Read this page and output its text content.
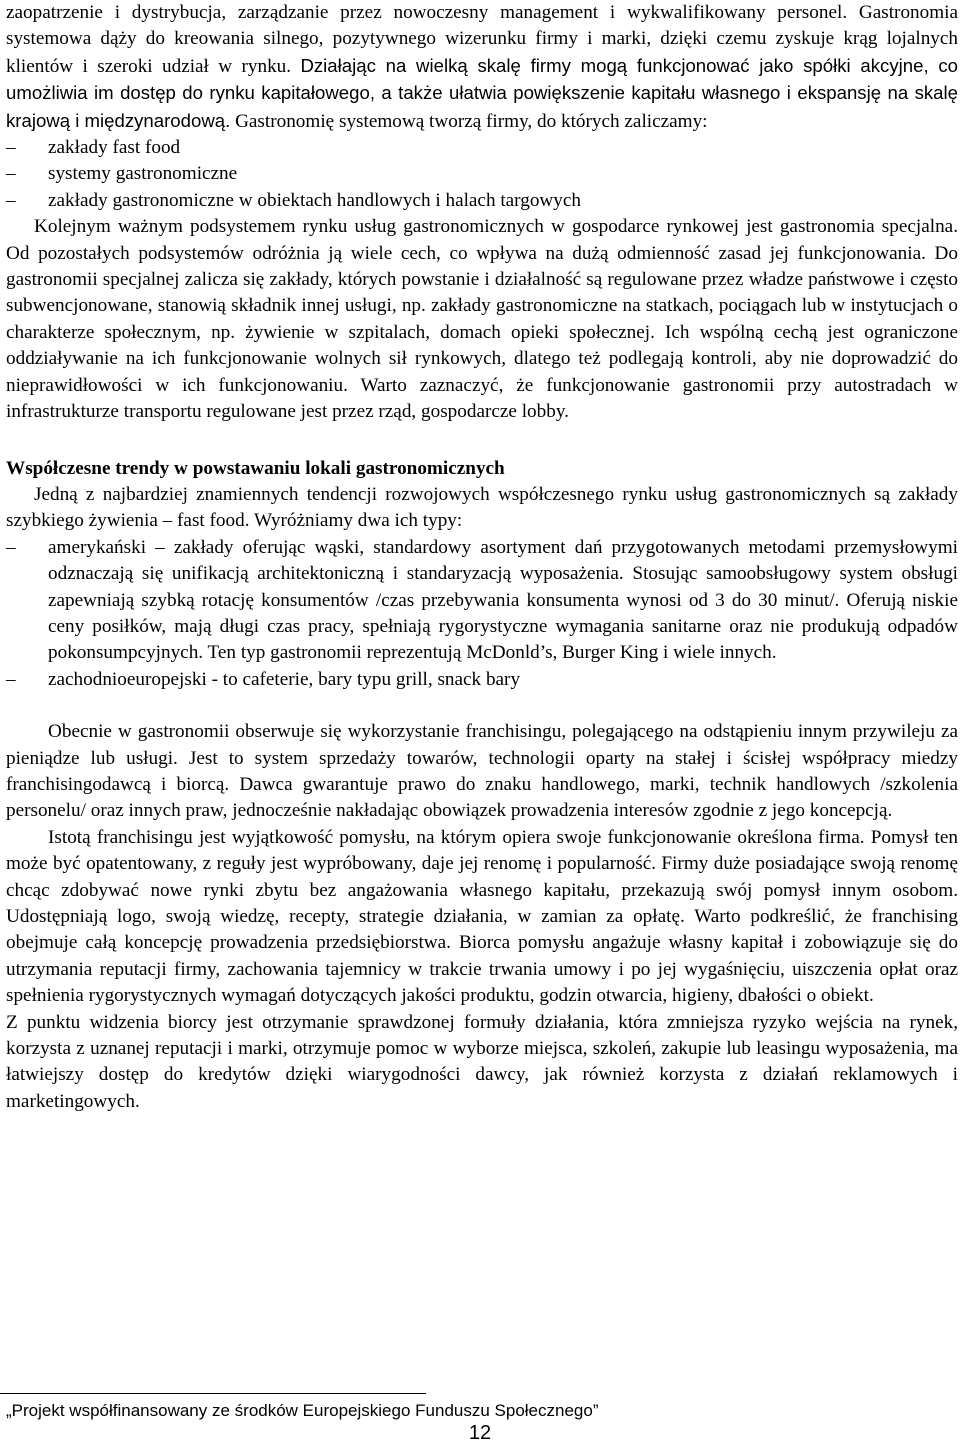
zaopatrzenie i dystrybucja, zarządzanie przez nowoczesny management i wykwalifikowany personel. Gastronomia systemowa dąży do kreowania silnego, pozytywnego wizerunku firmy i marki, dzięki czemu zyskuje krąg lojalnych klientów i szeroki udział w rynku. Działając na wielką skalę firmy mogą funkcjonować jako spółki akcyjne, co umożliwia im dostęp do rynku kapitałowego, a także ułatwia powiększenie kapitału własnego i ekspansję na skalę krajową i międzynarodową. Gastronomię systemową tworzą firmy, do których zaliczamy:

– zakłady fast food
– systemy gastronomiczne
– zakłady gastronomiczne w obiektach handlowych i halach targowych

Kolejnym ważnym podsystemem rynku usług gastronomicznych w gospodarce rynkowej jest gastronomia specjalna. Od pozostałych podsystemów odróżnia ją wiele cech, co wpływa na dużą odmienność zasad jej funkcjonowania. Do gastronomii specjalnej zalicza się zakłady, których powstanie i działalność są regulowane przez władze państwowe i często subwencjonowane, stanowią składnik innej usługi, np. zakłady gastronomiczne na statkach, pociągach lub w instytucjach o charakterze społecznym, np. żywienie w szpitalach, domach opieki społecznej. Ich wspólną cechą jest ograniczone oddziaływanie na ich funkcjonowanie wolnych sił rynkowych, dlatego też podlegają kontroli, aby nie doprowadzić do nieprawidłowości w ich funkcjonowaniu. Warto zaznaczyć, że funkcjonowanie gastronomii przy autostradach w infrastrukturze transportu regulowane jest przez rząd, gospodarcze lobby.

Współczesne trendy w powstawaniu lokali gastronomicznych

Jedną z najbardziej znamiennych tendencji rozwojowych współczesnego rynku usług gastronomicznych są zakłady szybkiego żywienia – fast food. Wyróżniamy dwa ich typy:

– amerykański – zakłady oferując wąski, standardowy asortyment dań przygotowanych metodami przemysłowymi odznaczają się unifikacją architektoniczną i standaryzacją wyposażenia. Stosując samoobsługowy system obsługi zapewniają szybką rotację konsumentów /czas przebywania konsumenta wynosi od 3 do 30 minut/. Oferują niskie ceny posiłków, mają długi czas pracy, spełniają rygorystyczne wymagania sanitarne oraz nie produkują odpadów pokonsumpcyjnych. Ten typ gastronomii reprezentują McDonld’s, Burger King i wiele innych.
– zachodnioeuropejski - to cafeterie, bary typu grill, snack bary

Obecnie w gastronomii obserwuje się wykorzystanie franchisingu, polegającego na odstąpieniu innym przywileju za pieniądze lub usługi. Jest to system sprzedaży towarów, technologii oparty na stałej i ścisłej współpracy miedzy franchisingodawcą i biorcą. Dawca gwarantuje prawo do znaku handlowego, marki, technik handlowych /szkolenia personelu/ oraz innych praw, jednocześnie nakładając obowiązek prowadzenia interesów zgodnie z jego koncepcją.

Istotą franchisingu jest wyjątkowość pomysłu, na którym opiera swoje funkcjonowanie określona firma. Pomysł ten może być opatentowany, z reguły jest wypróbowany, daje jej renomę i popularność. Firmy duże posiadające swoją renomę chcąc zdobywać nowe rynki zbytu bez angażowania własnego kapitału, przekazują swój pomysł innym osobom. Udostępniają logo, swoją wiedzę, recepty, strategie działania, w zamian za opłatę. Warto podkreślić, że franchising obejmuje całą koncepcję prowadzenia przedsiębiorstwa. Biorca pomysłu angażuje własny kapitał i zobowiązuje się do utrzymania reputacji firmy, zachowania tajemnicy w trakcie trwania umowy i po jej wygaśnięciu, uiszczenia opłat oraz spełnienia rygorystycznych wymagań dotyczących jakości produktu, godzin otwarcia, higieny, dbałości o obiekt.

Z punktu widzenia biorcy jest otrzymanie sprawdzonej formuły działania, która zmniejsza ryzyko wejścia na rynek, korzysta z uznanej reputacji i marki, otrzymuje pomoc w wyborze miejsca, szkoleń, zakupie lub leasingu wyposażenia, ma łatwiejszy dostęp do kredytów dzięki wiarygodności dawcy, jak również korzysta z działań reklamowych i marketingowych.

„Projekt współfinansowany ze środków Europejskiego Funduszu Społecznego”
12
